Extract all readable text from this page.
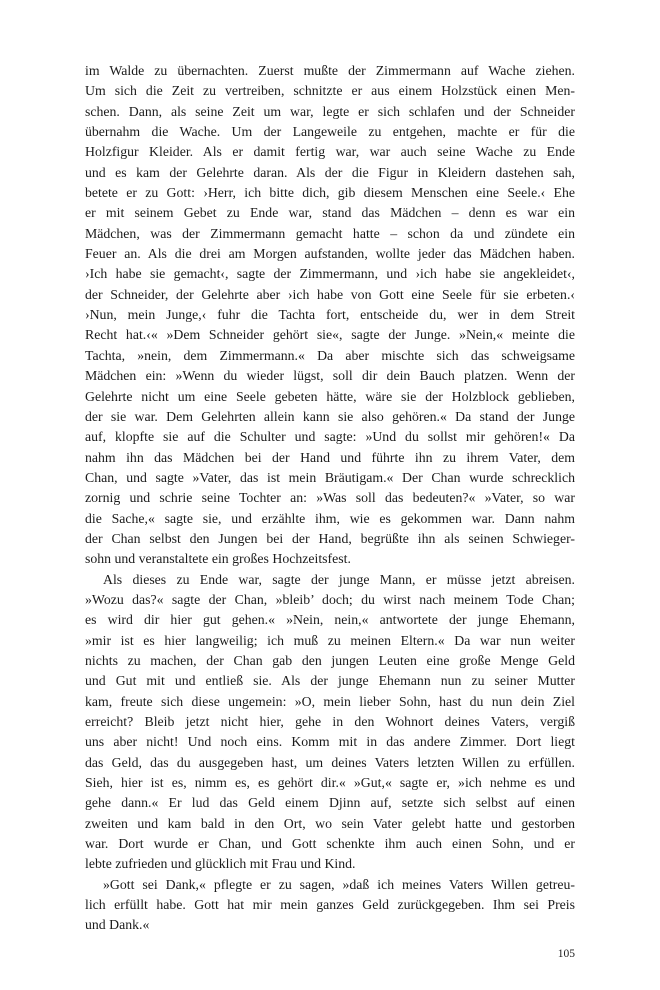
im Walde zu übernachten. Zuerst mußte der Zimmermann auf Wache ziehen.
Um sich die Zeit zu vertreiben, schnitzte er aus einem Holzstück einen Men-
schen. Dann, als seine Zeit um war, legte er sich schlafen und der Schneider
übernahm die Wache. Um der Langeweile zu entgehen, machte er für die
Holzfigur Kleider. Als er damit fertig war, war auch seine Wache zu Ende
und es kam der Gelehrte daran. Als der die Figur in Kleidern dastehen sah,
betete er zu Gott: ›Herr, ich bitte dich, gib diesem Menschen eine Seele.‹ Ehe
er mit seinem Gebet zu Ende war, stand das Mädchen – denn es war ein
Mädchen, was der Zimmermann gemacht hatte – schon da und zündete ein
Feuer an. Als die drei am Morgen aufstanden, wollte jeder das Mädchen haben.
›Ich habe sie gemacht‹, sagte der Zimmermann, und ›ich habe sie angekleidet‹,
der Schneider, der Gelehrte aber ›ich habe von Gott eine Seele für sie erbeten.‹
›Nun, mein Junge,‹ fuhr die Tachta fort, entscheide du, wer in dem Streit
Recht hat.‹« »Dem Schneider gehört sie«, sagte der Junge. »Nein,« meinte die
Tachta, »nein, dem Zimmermann.« Da aber mischte sich das schweigsame
Mädchen ein: »Wenn du wieder lügst, soll dir dein Bauch platzen. Wenn der
Gelehrte nicht um eine Seele gebeten hätte, wäre sie der Holzblock geblieben,
der sie war. Dem Gelehrten allein kann sie also gehören.« Da stand der Junge
auf, klopfte sie auf die Schulter und sagte: »Und du sollst mir gehören!« Da
nahm ihn das Mädchen bei der Hand und führte ihn zu ihrem Vater, dem
Chan, und sagte »Vater, das ist mein Bräutigam.« Der Chan wurde schrecklich
zornig und schrie seine Tochter an: »Was soll das bedeuten?« »Vater, so war
die Sache,« sagte sie, und erzählte ihm, wie es gekommen war. Dann nahm
der Chan selbst den Jungen bei der Hand, begrüßte ihn als seinen Schwieger-
sohn und veranstaltete ein großes Hochzeitsfest.
Als dieses zu Ende war, sagte der junge Mann, er müsse jetzt abreisen.
»Wozu das?« sagte der Chan, »bleib’ doch; du wirst nach meinem Tode Chan;
es wird dir hier gut gehen.« »Nein, nein,« antwortete der junge Ehemann,
»mir ist es hier langweilig; ich muß zu meinen Eltern.« Da war nun weiter
nichts zu machen, der Chan gab den jungen Leuten eine große Menge Geld
und Gut mit und entließ sie. Als der junge Ehemann nun zu seiner Mutter
kam, freute sich diese ungemein: »O, mein lieber Sohn, hast du nun dein Ziel
erreicht? Bleib jetzt nicht hier, gehe in den Wohnort deines Vaters, vergiß
uns aber nicht! Und noch eins. Komm mit in das andere Zimmer. Dort liegt
das Geld, das du ausgegeben hast, um deines Vaters letzten Willen zu erfüllen.
Sieh, hier ist es, nimm es, es gehört dir.« »Gut,« sagte er, »ich nehme es und
gehe dann.« Er lud das Geld einem Djinn auf, setzte sich selbst auf einen
zweiten und kam bald in den Ort, wo sein Vater gelebt hatte und gestorben
war. Dort wurde er Chan, und Gott schenkte ihm auch einen Sohn, und er
lebte zufrieden und glücklich mit Frau und Kind.
»Gott sei Dank,« pflegte er zu sagen, »daß ich meines Vaters Willen getreu-
lich erfüllt habe. Gott hat mir mein ganzes Geld zurückgegeben. Ihm sei Preis
und Dank.«
105
